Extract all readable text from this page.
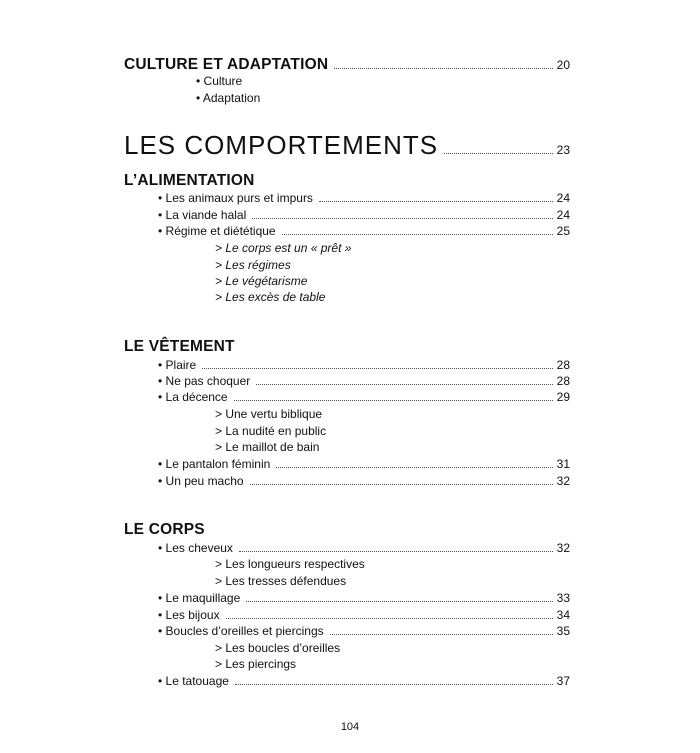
CULTURE ET ADAPTATION	20
• Culture
• Adaptation
LES COMPORTEMENTS	23
L’ALIMENTATION
• Les animaux purs et impurs	24
• La viande halal	24
• Régime et diététique	25
> Le corps est un « prêt »
> Les régimes
> Le végétarisme
> Les excès de table
LE VÊTEMENT
• Plaire	28
• Ne pas choquer	28
• La décence	29
> Une vertu biblique
> La nudité en public
> Le maillot de bain
• Le pantalon féminin	31
• Un peu macho	32
LE CORPS
• Les cheveux	32
> Les longueurs respectives
> Les tresses défendues
• Le maquillage	33
• Les bijoux	34
• Boucles d’oreilles et piercings	35
> Les boucles d’oreilles
> Les piercings
• Le tatouage	37
104
